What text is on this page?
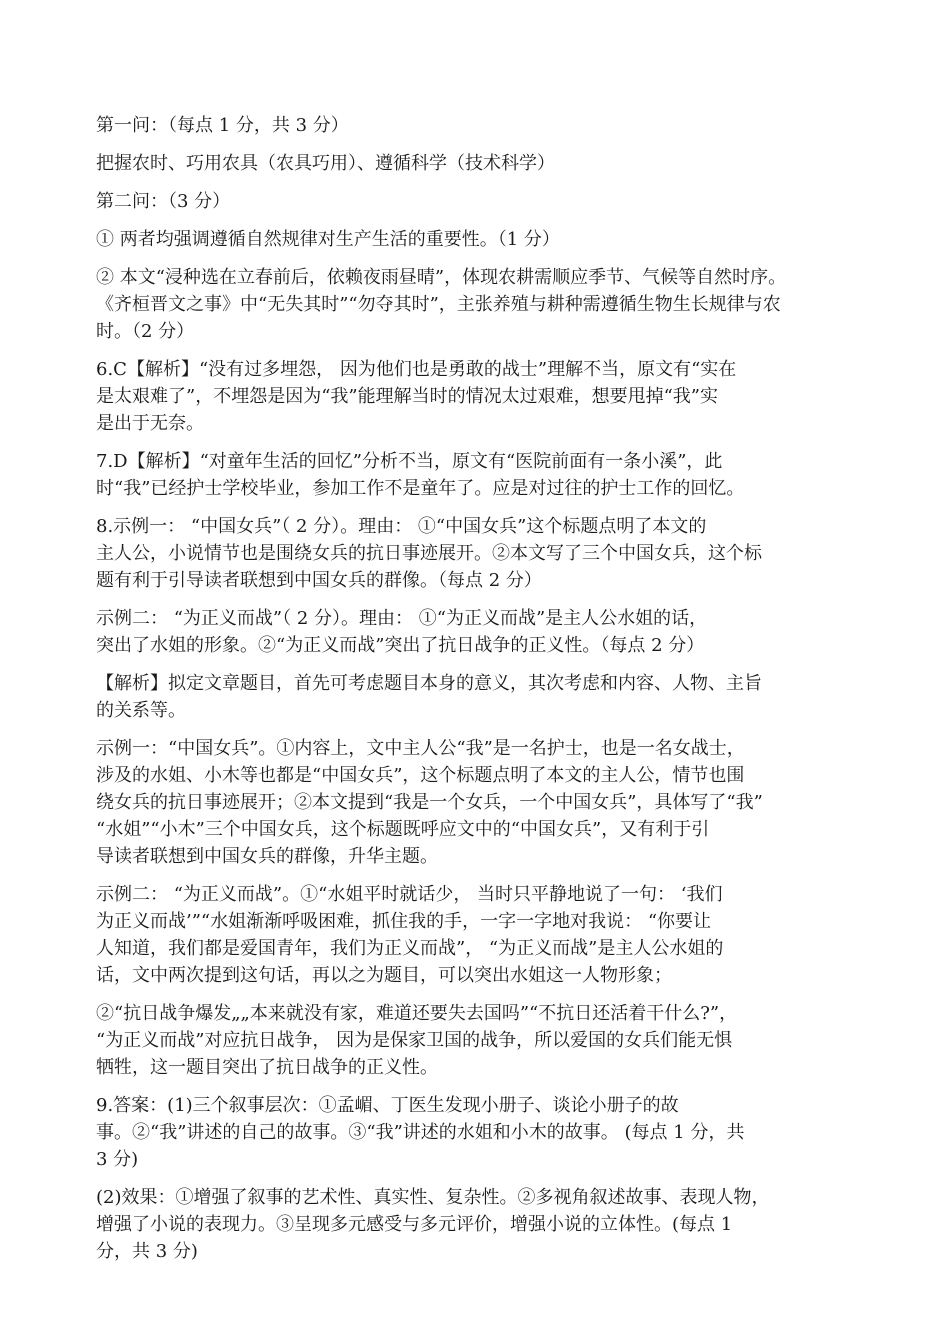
第一问：（每点 1 分，共 3 分）

把握农时、巧用农具（农具巧用）、遵循科学（技术科学）

第二问：（3 分）

① 两者均强调遵循自然规律对生产生活的重要性。（1 分）

② 本文“浸种选在立春前后，依赖夜雨昼晴”，体现农耕需顺应季节、气候等自然时序。
《齐桓晋文之事》中“无失其时”“勿夺其时”，主张养殖与耕种需遵循生物生长规律与农
时。（2 分）

6.C【解析】“没有过多埋怨， 因为他们也是勇敢的战士”理解不当，原文有“实在
是太艰难了”，不埋怨是因为“我”能理解当时的情况太过艰难，想要甩掉“我”实
是出于无奈。

7.D【解析】“对童年生活的回忆”分析不当，原文有“医院前面有一条小溪”，此
时“我”已经护士学校毕业，参加工作不是童年了。应是对过往的护士工作的回忆。

8.示例一： “中国女兵”（ 2 分）。理由： ①“中国女兵”这个标题点明了本文的
主人公，小说情节也是围绕女兵的抗日事迹展开。②本文写了三个中国女兵，这个标
题有利于引导读者联想到中国女兵的群像。（每点 2 分）

示例二： “为正义而战”（ 2 分）。理由： ①“为正义而战”是主人公水姐的话，
突出了水姐的形象。②“为正义而战”突出了抗日战争的正义性。（每点 2 分）

【解析】拟定文章题目，首先可考虑题目本身的意义，其次考虑和内容、人物、主旨
的关系等。

示例一：“中国女兵”。①内容上，文中主人公“我”是一名护士，也是一名女战士，
涉及的水姐、小木等也都是“中国女兵”，这个标题点明了本文的主人公，情节也围
绕女兵的抗日事迹展开；②本文提到“我是一个女兵，一个中国女兵”，具体写了“我”
“水姐”“小木”三个中国女兵，这个标题既呼应文中的“中国女兵”，又有利于引
导读者联想到中国女兵的群像，升华主题。

示例二： “为正义而战”。①“水姐平时就话少， 当时只平静地说了一句： ‘我们
为正义而战’”“水姐渐渐呼吸困难，抓住我的手，一字一字地对我说： “你要让
人知道，我们都是爱国青年，我们为正义而战”， “为正义而战”是主人公水姐的
话，文中两次提到这句话，再以之为题目，可以突出水姐这一人物形象；

②“抗日战争爆发„„本来就没有家，难道还要失去国吗”“不抗日还活着干什么?”，
“为正义而战”对应抗日战争， 因为是保家卫国的战争，所以爱国的女兵们能无惧
牺牲，这一题目突出了抗日战争的正义性。

9.答案：(1)三个叙事层次：①孟嵋、丁医生发现小册子、谈论小册子的故
事。②“我”讲述的自己的故事。③“我”讲述的水姐和小木的故事。 (每点 1 分，共
3 分)

(2)效果：①增强了叙事的艺术性、真实性、复杂性。②多视角叙述故事、表现人物，
增强了小说的表现力。③呈现多元感受与多元评价，增强小说的立体性。(每点 1
分，共 3 分)
